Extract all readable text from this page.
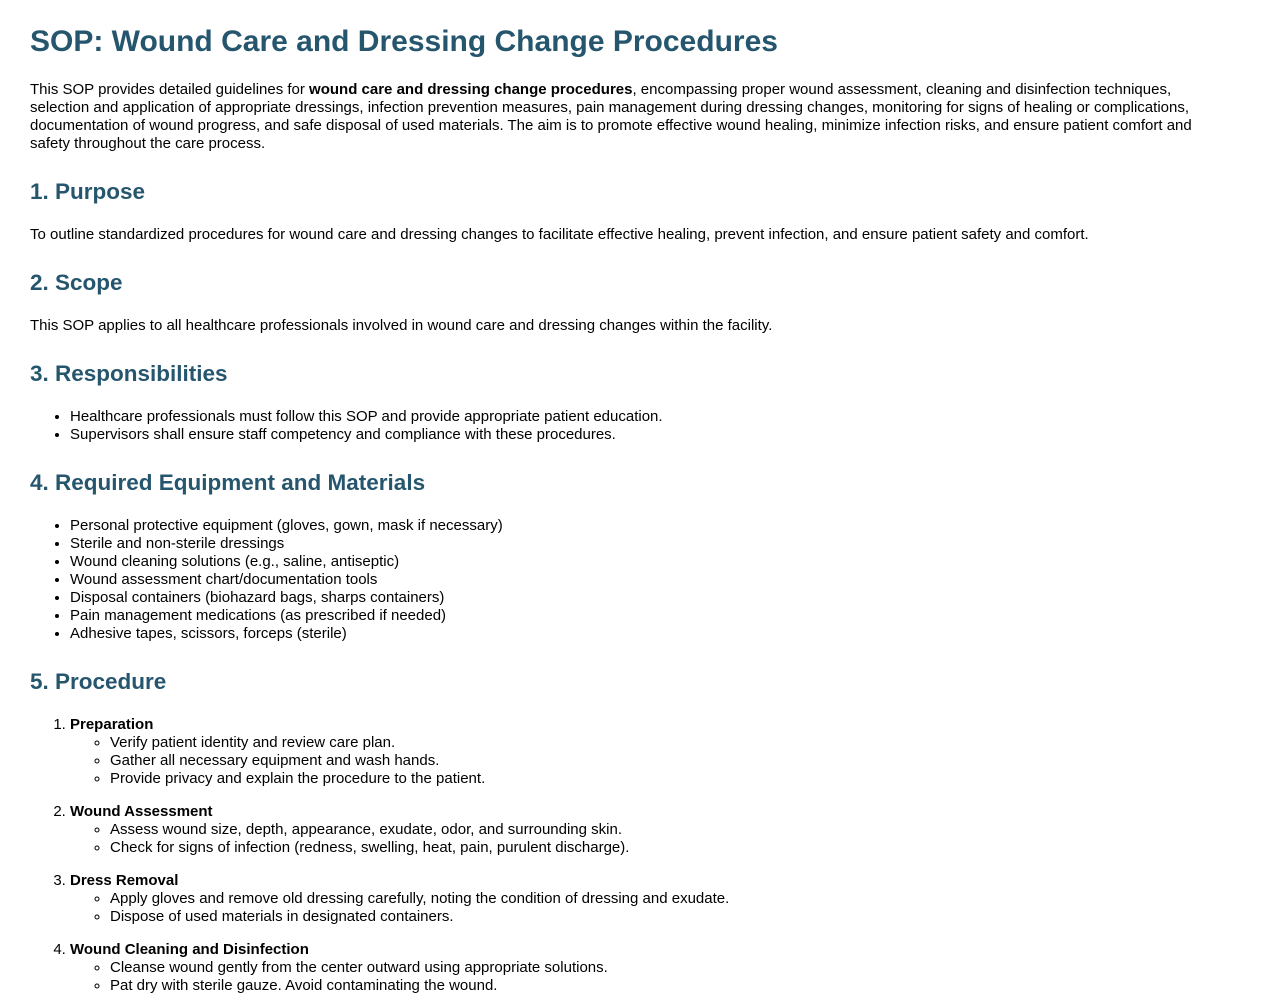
SOP: Wound Care and Dressing Change Procedures

This SOP provides detailed guidelines for wound care and dressing change procedures, encompassing proper wound assessment, cleaning and disinfection techniques, selection and application of appropriate dressings, infection prevention measures, pain management during dressing changes, monitoring for signs of healing or complications, documentation of wound progress, and safe disposal of used materials. The aim is to promote effective wound healing, minimize infection risks, and ensure patient comfort and safety throughout the care process.

1. Purpose

To outline standardized procedures for wound care and dressing changes to facilitate effective healing, prevent infection, and ensure patient safety and comfort.

2. Scope

This SOP applies to all healthcare professionals involved in wound care and dressing changes within the facility.

3. Responsibilities
• Healthcare professionals must follow this SOP and provide appropriate patient education.
• Supervisors shall ensure staff competency and compliance with these procedures.
4. Required Equipment and Materials
• Personal protective equipment (gloves, gown, mask if necessary)
• Sterile and non-sterile dressings
• Wound cleaning solutions (e.g., saline, antiseptic)
• Wound assessment chart/documentation tools
• Disposal containers (biohazard bags, sharps containers)
• Pain management medications (as prescribed if needed)
• Adhesive tapes, scissors, forceps (sterile)
5. Procedure
1. Preparation
◦ Verify patient identity and review care plan.
◦ Gather all necessary equipment and wash hands.
◦ Provide privacy and explain the procedure to the patient.
2. Wound Assessment
◦ Assess wound size, depth, appearance, exudate, odor, and surrounding skin.
◦ Check for signs of infection (redness, swelling, heat, pain, purulent discharge).
3. Dress Removal
◦ Apply gloves and remove old dressing carefully, noting the condition of dressing and exudate.
◦ Dispose of used materials in designated containers.
4. Wound Cleaning and Disinfection
◦ Cleanse wound gently from the center outward using appropriate solutions.
◦ Pat dry with sterile gauze. Avoid contaminating the wound.
